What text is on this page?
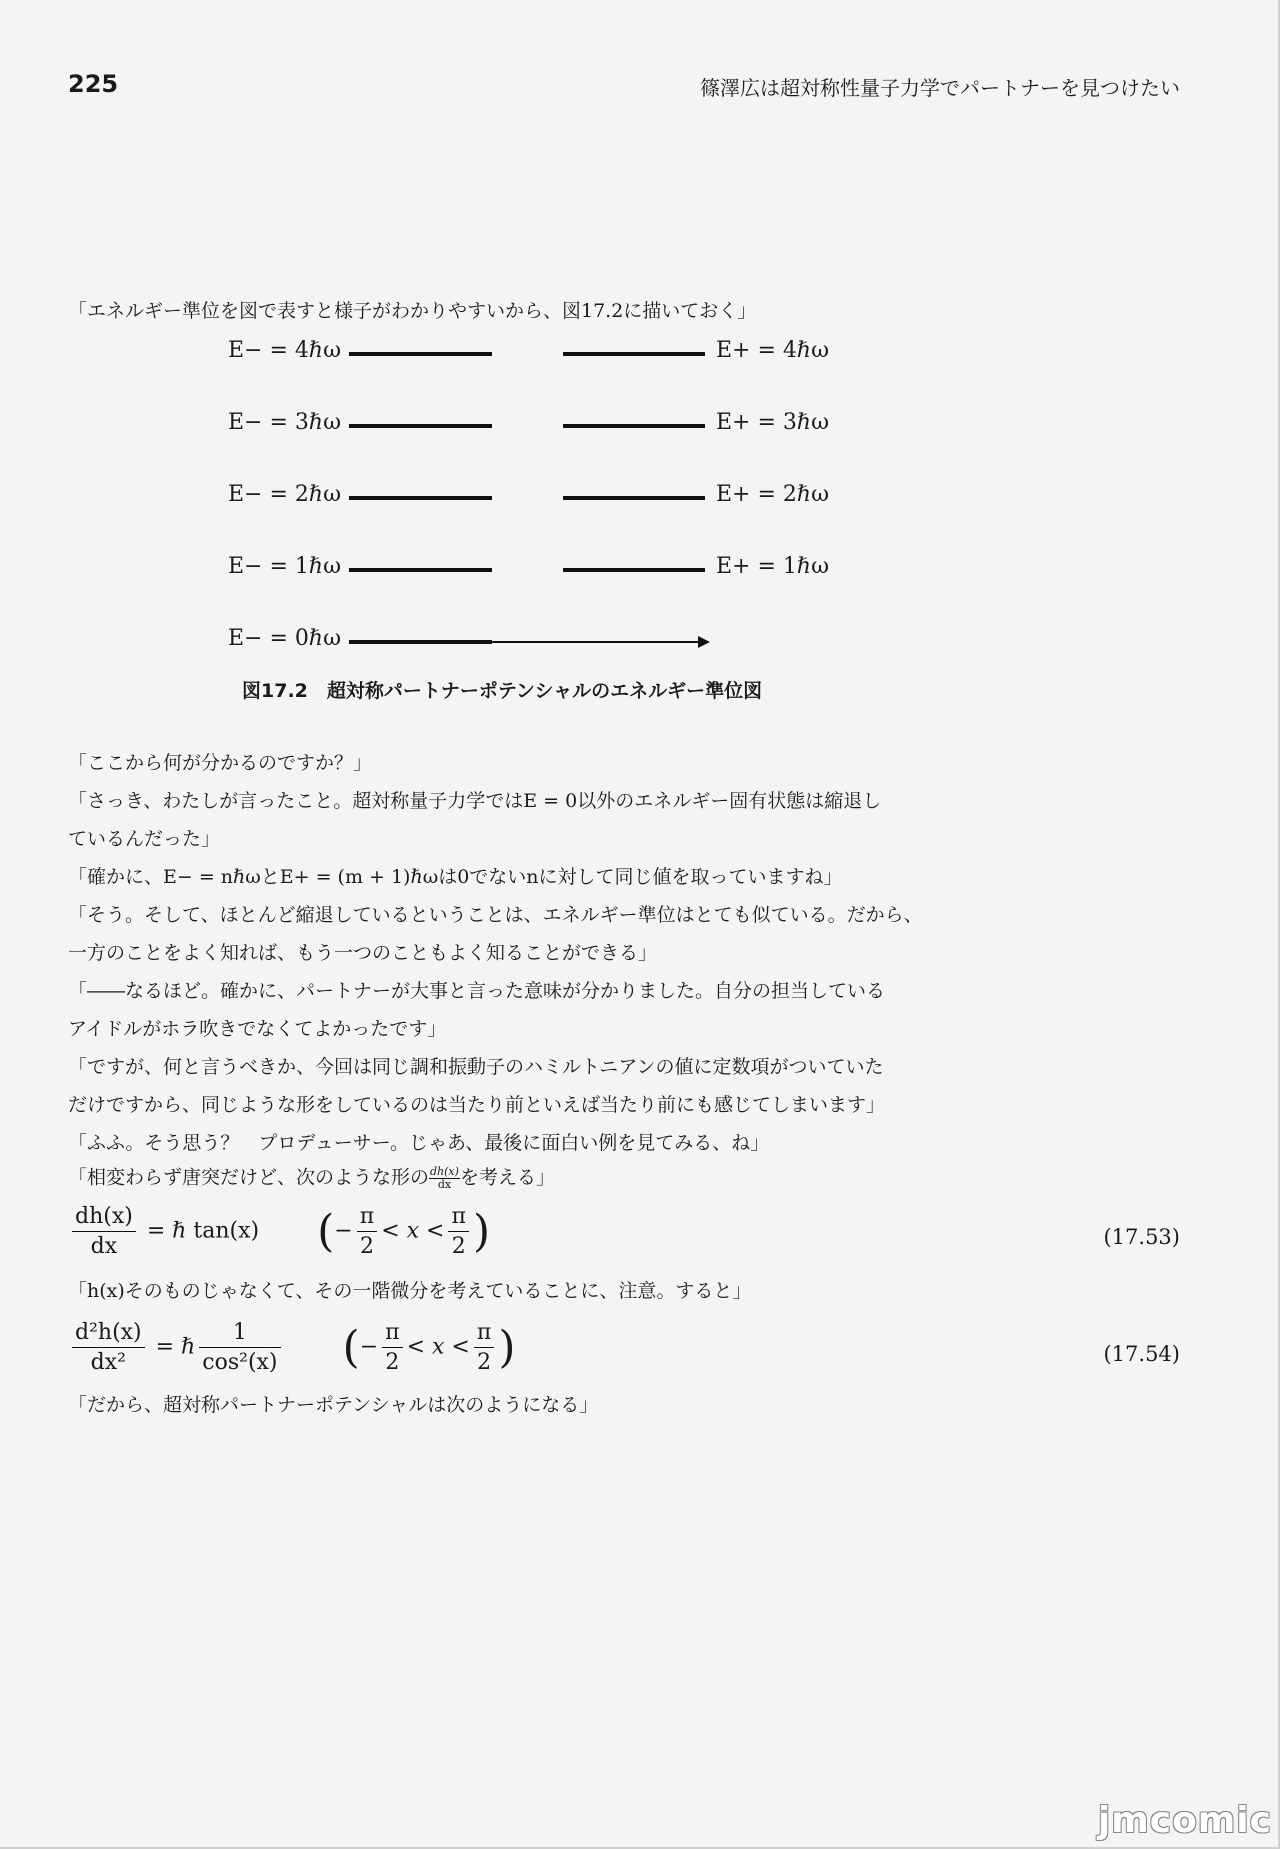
225	篠澤広は超対称性量子力学でパートナーを見つけたい
「エネルギー準位を図で表すと様子がわかりやすいから、図17.2に描いておく」
E− = 4ℏω	E+ = 4ℏω
E− = 3ℏω	E+ = 3ℏω
E− = 2ℏω	E+ = 2ℏω
E− = 1ℏω	E+ = 1ℏω
E− = 0ℏω
図17.2　超対称パートナーポテンシャルのエネルギー準位図
「ここから何が分かるのですか？」
「さっき、わたしが言ったこと。超対称量子力学ではE = 0以外のエネルギー固有状態は縮退し
ているんだった」
「確かに、E− = nℏωとE+ = (m + 1)ℏωは0でないnに対して同じ値を取っていますね」
「そう。そして、ほとんど縮退しているということは、エネルギー準位はとても似ている。だから、
一方のことをよく知れば、もう一つのこともよく知ることができる」
「――なるほど。確かに、パートナーが大事と言った意味が分かりました。自分の担当している
アイドルがホラ吹きでなくてよかったです」
「ですが、何と言うべきか、今回は同じ調和振動子のハミルトニアンの値に定数項がついていた
だけですから、同じような形をしているのは当たり前といえば当たり前にも感じてしまいます」
「ふふ。そう思う？　プロデューサー。じゃあ、最後に面白い例を見てみる、ね」
「相変わらず唐突だけど、次のような形の $\frac{dh(x)}{dx}$ を考える」
$\frac{dh(x)}{dx}$ = ℏ tan(x) (− $\frac{\pi}{2} < x < \frac{\pi}{2}$ )	(17.53)
「h(x)そのものじゃなくて、その一階微分を考えていることに、注意。すると」
$\frac{\text{d²h(x)}}{\text{dx²}}$ = ℏ $\frac{1}{\text{cos²(x)}}$ (− $\frac{\pi}{2} < x < \frac{\pi}{2}$ )	(17.54)
「だから、超対称パートナーポテンシャルは次のようになる」
jmcomic
